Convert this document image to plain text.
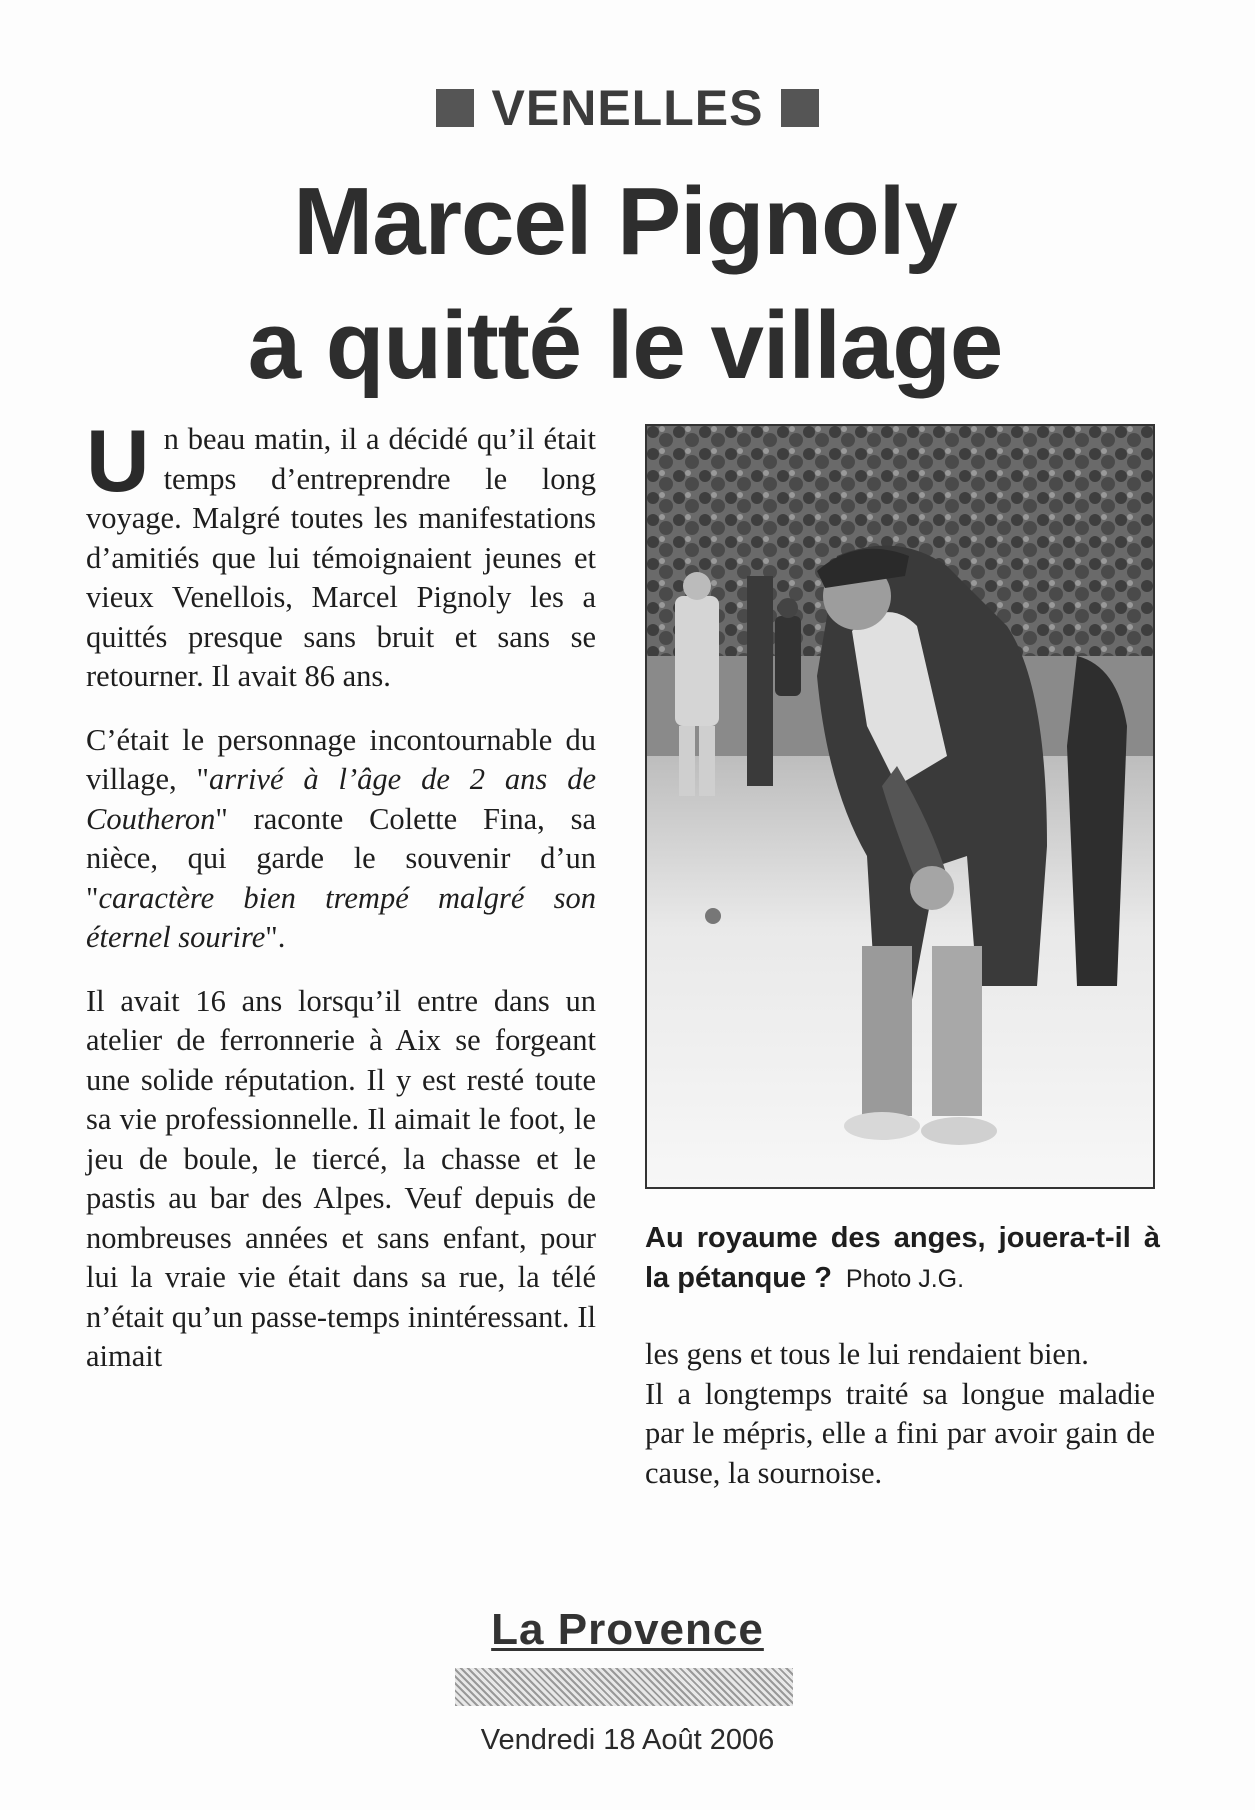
VENELLES
Marcel Pignoly
a quitté le village

Un beau matin, il a décidé qu’il était temps d’entreprendre le long voyage. Malgré toutes les manifestations d’amitiés que lui témoignaient jeunes et vieux Venellois, Marcel Pignoly les a quittés presque sans bruit et sans se retourner. Il avait 86 ans.

C’était le personnage incontournable du village, "arrivé à l’âge de 2 ans de Coutheron" raconte Colette Fina, sa nièce, qui garde le souvenir d’un "caractère bien trempé malgré son éternel sourire".

Il avait 16 ans lorsqu’il entre dans un atelier de ferronnerie à Aix se forgeant une solide réputation. Il y est resté toute sa vie professionnelle. Il aimait le foot, le jeu de boule, le tiercé, la chasse et le pastis au bar des Alpes. Veuf depuis de nombreuses années et sans enfant, pour lui la vraie vie était dans sa rue, la télé n’était qu’un passe-temps inintéressant. Il aimait

Au royaume des anges, jouera-t-il à la pétanque ? Photo J.G.

les gens et tous le lui rendaient bien.

Il a longtemps traité sa longue maladie par le mépris, elle a fini par avoir gain de cause, la sournoise.

La Provence
Vendredi 18 Août 2006
